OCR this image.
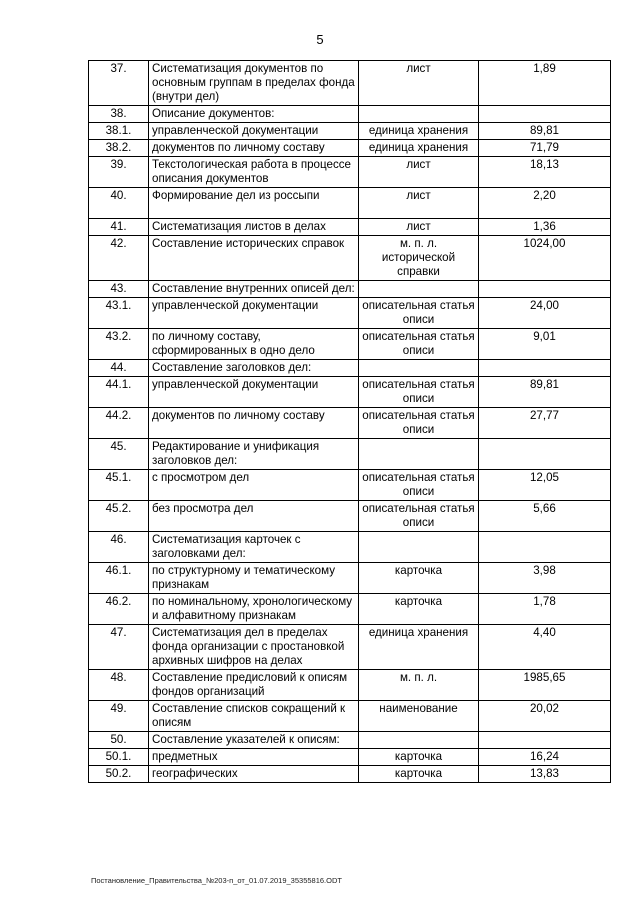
5
37.	Систематизация документов по основным группам в пределах фонда (внутри дел)	лист	1,89
38.	Описание документов:		
38.1.	управленческой документации	единица хранения	89,81
38.2.	документов по личному составу	единица хранения	71,79
39.	Текстологическая работа в процессе описания документов	лист	18,13
40.	Формирование дел из россыпи	лист	2,20
41.	Систематизация листов в делах	лист	1,36
42.	Составление исторических справок	м. п. л. исторической справки	1024,00
43.	Составление внутренних описей дел:		
43.1.	управленческой документации	описательная статья описи	24,00
43.2.	по личному составу, сформированных в одно дело	описательная статья описи	9,01
44.	Составление заголовков дел:		
44.1.	управленческой документации	описательная статья описи	89,81
44.2.	документов по личному составу	описательная статья описи	27,77
45.	Редактирование и унификация заголовков дел:		
45.1.	с просмотром дел	описательная статья описи	12,05
45.2.	без просмотра дел	описательная статья описи	5,66
46.	Систематизация карточек с заголовками дел:		
46.1.	по структурному и тематическому признакам	карточка	3,98
46.2.	по номинальному, хронологическому и алфавитному признакам	карточка	1,78
47.	Систематизация дел в пределах фонда организации с простановкой архивных шифров на делах	единица хранения	4,40
48.	Составление предисловий к описям фондов организаций	м. п. л.	1985,65
49.	Составление списков сокращений к описям	наименование	20,02
50.	Составление указателей к описям:		
50.1.	предметных	карточка	16,24
50.2.	географических	карточка	13,83
Постановление_Правительства_№203-п_от_01.07.2019_35355816.ODT
